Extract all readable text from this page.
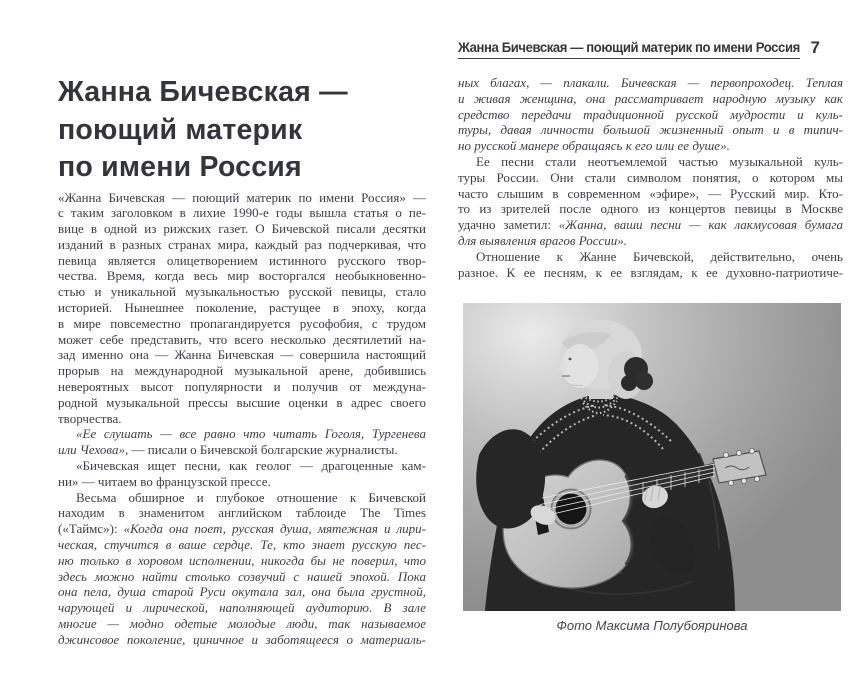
Жанна Бичевская —
поющий материк
по имени Россия
«Жанна Бичевская — поющий материк по имени Россия» —
с таким заголовком в лихие 1990-е годы вышла статья о пе-
вице в одной из рижских газет. О Бичевской писали десятки
изданий в разных странах мира, каждый раз подчеркивая, что
певица является олицетворением истинного русского твор-
чества. Время, когда весь мир восторгался необыкновенно-
стью и уникальной музыкальностью русской певицы, стало
историей. Нынешнее поколение, растущее в эпоху, когда
в мире повсеместно пропагандируется русофобия, с трудом
может себе представить, что всего несколько десятилетий на-
зад именно она — Жанна Бичевская — совершила настоящий
прорыв на международной музыкальной арене, добившись
невероятных высот популярности и получив от междуна-
родной музыкальной прессы высшие оценки в адрес своего
творчества.
«Ее слушать — все равно что читать Гоголя, Тургенева
или Чехова», — писали о Бичевской болгарские журналисты.
«Бичевская ищет песни, как геолог — драгоценные кам-
ни» — читаем во французской прессе.
Весьма обширное и глубокое отношение к Бичевской
находим в знаменитом английском таблоиде The Times
(«Таймс»): «Когда она поет, русская душа, мятежная и лири-
ческая, стучится в ваше сердце. Те, кто знает русскую пес-
ню только в хоровом исполнении, никогда бы не поверил, что
здесь можно найти столько созвучий с нашей эпохой. Пока
она пела, душа старой Руси окутала зал, она была грустной,
чарующей и лирической, наполняющей аудиторию. В зале
многие — модно одетые молодые люди, так называемое
джинсовое поколение, циничное и заботящееся о материаль-
Жанна Бичевская — поющий материк по имени Россия 7
ных благах, — плакали. Бичевская — первопроходец. Теплая
и живая женщина, она рассматривает народную музыку как
средство передачи традиционной русской мудрости и куль-
туры, давая личности большой жизненный опыт и в типич-
но русской манере обращаясь к его или ее душе».
Ее песни стали неотъемлемой частью музыкальной куль-
туры России. Они стали символом понятия, о котором мы
часто слышим в современном «эфире», — Русский мир. Кто-
то из зрителей после одного из концертов певицы в Москве
удачно заметил: «Жанна, ваши песни — как лакмусовая бумага
для выявления врагов России».
Отношение к Жанне Бичевской, действительно, очень
разное. К ее песням, к ее взглядам, к ее духовно-патриотиче-
Фото Максима Полубояринова
